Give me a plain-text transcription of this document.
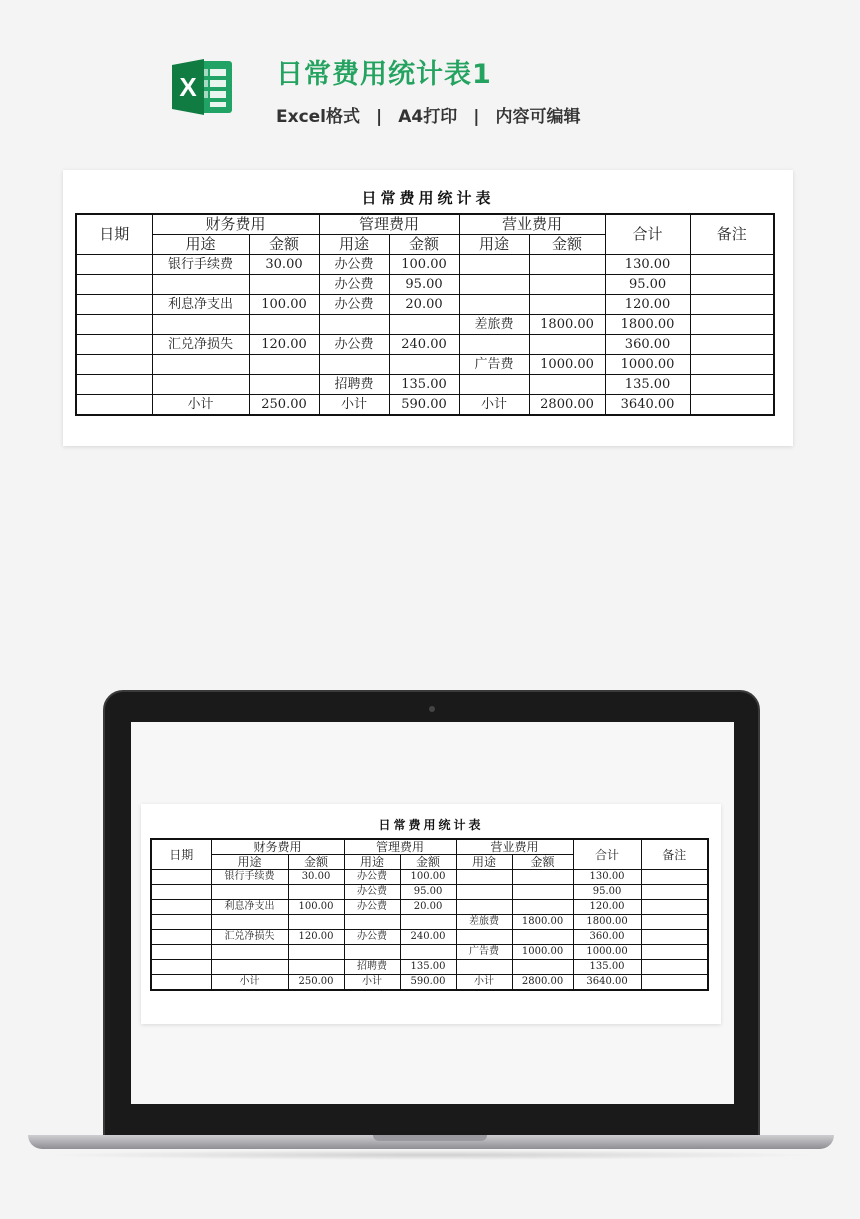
X	日常费用统计表1
Excel格式 | A4打印 | 内容可编辑
日常费用统计表
日期	财务费用		管理费用		营业费用		合计	备注
	用途	金额	用途	金额	用途	金额		
	银行手续费	30.00	办公费	100.00			130.00	
			办公费	95.00			95.00	
	利息净支出	100.00	办公费	20.00			120.00	
					差旅费	1800.00	1800.00	
	汇兑净损失	120.00	办公费	240.00			360.00	
					广告费	1000.00	1000.00	
			招聘费	135.00			135.00	
	小计	250.00	小计	590.00	小计	2800.00	3640.00	
日常费用统计表
日期	财务费用		管理费用		营业费用		合计	备注
	用途	金额	用途	金额	用途	金额		
	银行手续费	30.00	办公费	100.00			130.00	
			办公费	95.00			95.00	
	利息净支出	100.00	办公费	20.00			120.00	
					差旅费	1800.00	1800.00	
	汇兑净损失	120.00	办公费	240.00			360.00	
					广告费	1000.00	1000.00	
			招聘费	135.00			135.00	
	小计	250.00	小计	590.00	小计	2800.00	3640.00	
